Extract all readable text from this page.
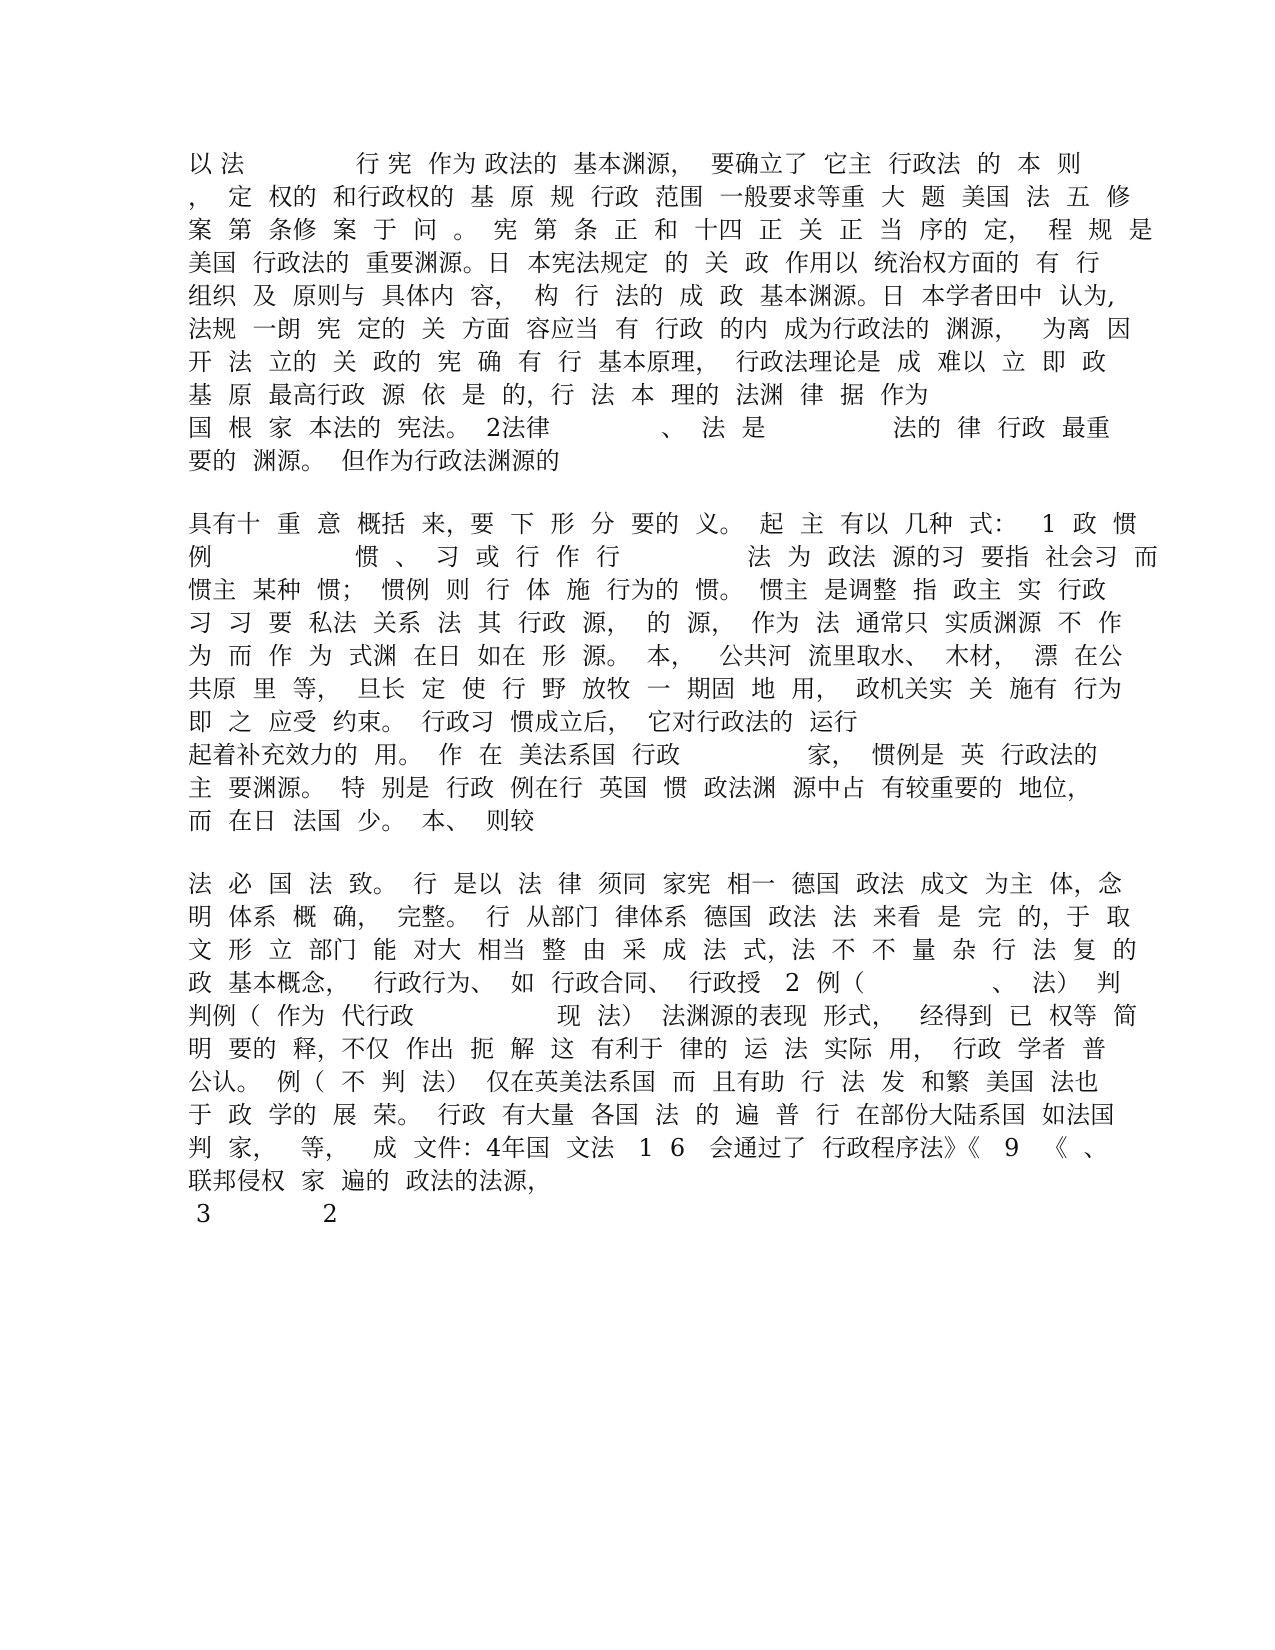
以 法              行 宪  作为 政法的  基本渊源，  要确立了  它主  行政法  的  本  则
，  定  权的  和行政权的  基  原  规  行政  范围  一般要求等重  大  题  美国  法  五  修
案  第  条修  案  于  问  。  宪  第  条  正  和  十四  正  关  正  当  序的  定，  程  规  是
美国  行政法的  重要渊源。日  本宪法规定  的  关  政  作用以  统治权方面的  有  行
组织  及  原则与  具体内  容，  构  行  法的  成  政  基本渊源。日  本学者田中  认为,
法规  一朗  宪  定的  关  方面  容应当  有  行政  的内  成为行政法的  渊源，   为离  因
开  法  立的  关  政的  宪  确  有  行  基本原理，  行政法理论是  成  难以  立  即  政
基  原  最高行政  源  依  是  的，行  法  本  理的  法渊  律  据  作为
国  根  家  本法的  宪法。  2法律              、  法  是                法的  律  行政  最重
要的  渊源。  但作为行政法渊源的
具有十  重  意  概括  来，要  下  形  分  要的  义。  起  主  有以  几种  式：   1  政  惯
例                  惯  、  习  或  行  作  行                法  为  政法  源的习  要指  社会习  而
惯主  某种  惯；  惯例  则  行  体  施  行为的  惯。  惯主  是调整  指  政主  实  行政
习  习  要  私法  关系  法  其  行政  源，  的  源，  作为  法  通常只  实质渊源  不  作
为  而  作  为  式渊  在日  如在  形  源。  本，   公共河  流里取水、  木材，  漂  在公
共原  里  等，  旦长  定  使  行  野  放牧  一  期固  地  用，  政机关实  关  施有  行为
即  之  应受  约束。  行政习  惯成立后，  它对行政法的  运行
起着补充效力的  用。  作  在  美法系国  行政                家，  惯例是  英  行政法的
主  要渊源。  特  别是  行政  例在行  英国  惯  政法渊  源中占  有较重要的  地位，
而  在日  法国  少。  本、  则较
法  必  国  法  致。  行  是以  法  律  须同  家宪  相一  德国  政法  成文  为主  体，念
明  体系  概  确，  完整。  行  从部门  律体系  德国  政法  法  来看  是  完  的，于  取
文  形  立  部门  能  对大  相当  整  由  采  成  法  式，法  不  不  量  杂  行  法  复  的
政  基本概念，   行政行为、  如  行政合同、  行政授   2  例（                、  法）  判
判例（  作为  代行政                  现  法）  法渊源的表现  形式，   经得到  已  权等  简
明  要的  释，不仅  作出  扼  解  这  有利于  律的  运  法  实际  用，  行政  学者  普
公认。  例（  不  判  法）  仅在英美法系国  而  且有助  行  法  发  和繁  美国  法也
于  政  学的  展  荣。  行政  有大量  各国  法  的  遍  普  行  在部份大陆系国  如法国
判  家，   等，   成  文件：4年国  文法   1  6   会通过了  行政程序法》《   9   《  、
联邦侵权  家  遍的  政法的法源，
3              2
